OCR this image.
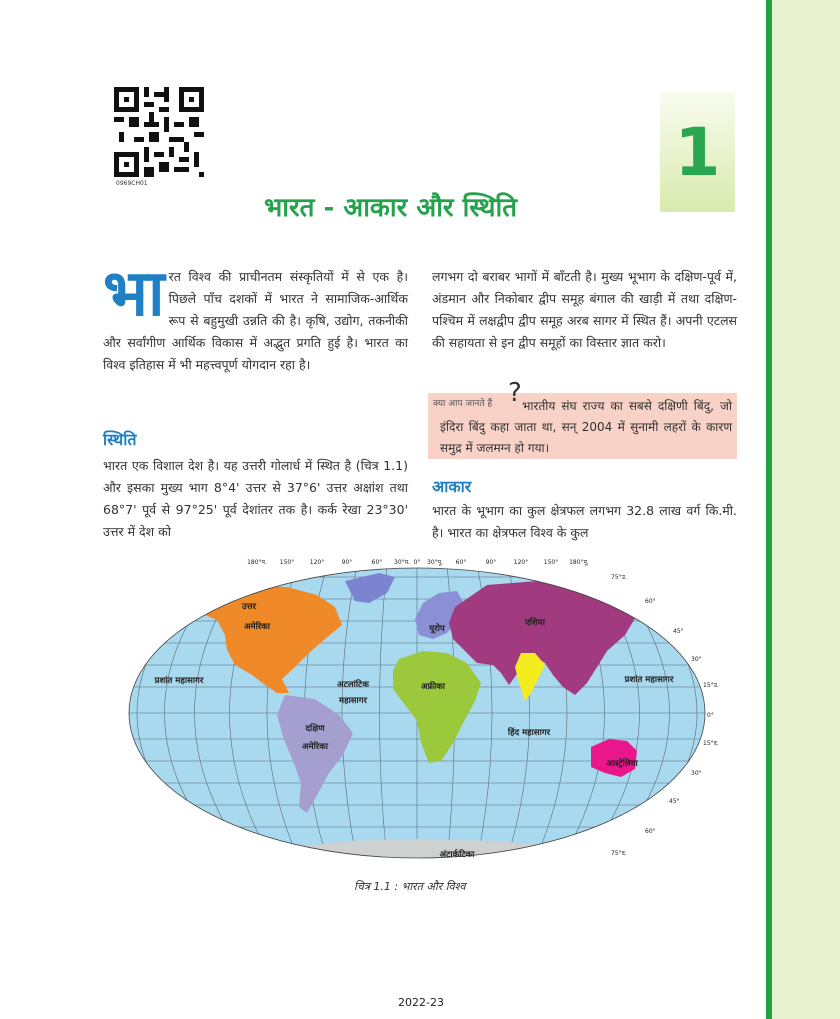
0969CH01	1
भारत - आकार और स्थिति
भारत विश्व की प्राचीनतम संस्कृतियों में से एक है। पिछले पाँच दशकों में भारत ने सामाजिक-आर्थिक रूप से बहुमुखी उन्नति की है। कृषि, उद्योग, तकनीकी और सर्वांगीण आर्थिक विकास में अद्भुत प्रगति हुई है। भारत का विश्व इतिहास में भी महत्त्वपूर्ण योगदान रहा है।
स्थिति
भारत एक विशाल देश है। यह उत्तरी गोलार्ध में स्थित है (चित्र 1.1) और इसका मुख्य भाग 8°4' उत्तर से 37°6' उत्तर अक्षांश तथा 68°7' पूर्व से 97°25' पूर्व देशांतर तक है। कर्क रेखा 23°30' उत्तर में देश को
लगभग दो बराबर भागों में बाँटती है। मुख्य भूभाग के दक्षिण-पूर्व में, अंडमान और निकोबार द्वीप समूह बंगाल की खाड़ी में तथा दक्षिण-पश्चिम में लक्षद्वीप द्वीप समूह अरब सागर में स्थित हैं। अपनी एटलस की सहायता से इन द्वीप समूहों का विस्तार ज्ञात करो।
क्या आप जानते हैं ? भारतीय संघ राज्य का सबसे दक्षिणी बिंदु, जो इंदिरा बिंदु कहा जाता था, सन् 2004 में सुनामी लहरों के कारण समुद्र में जलमग्न हो गया।
आकार
भारत के भूभाग का कुल क्षेत्रफल लगभग 32.8 लाख वर्ग कि.मी. है। भारत का क्षेत्रफल विश्व के कुल
180°प. 150°	120°	90°	60° 30°प. 0° 30°पू. 60°	90°	120°	150° 180°पू.
75°उ.
60°
45°
30°
15°उ.
0°
15°द.
30°
45°
60°
75°द.
उत्तर
अमेरिका	यूरोप
एशिया
अफ्रीका
दक्षिण
अमेरिका
आस्ट्रेलिया
अंटार्कटिका
प्रशांत महासागर	प्रशांत महासागर
अटलांटिक
महासागर
हिंद महासागर
चित्र 1.1 : भारत और विश्व
2022-23
